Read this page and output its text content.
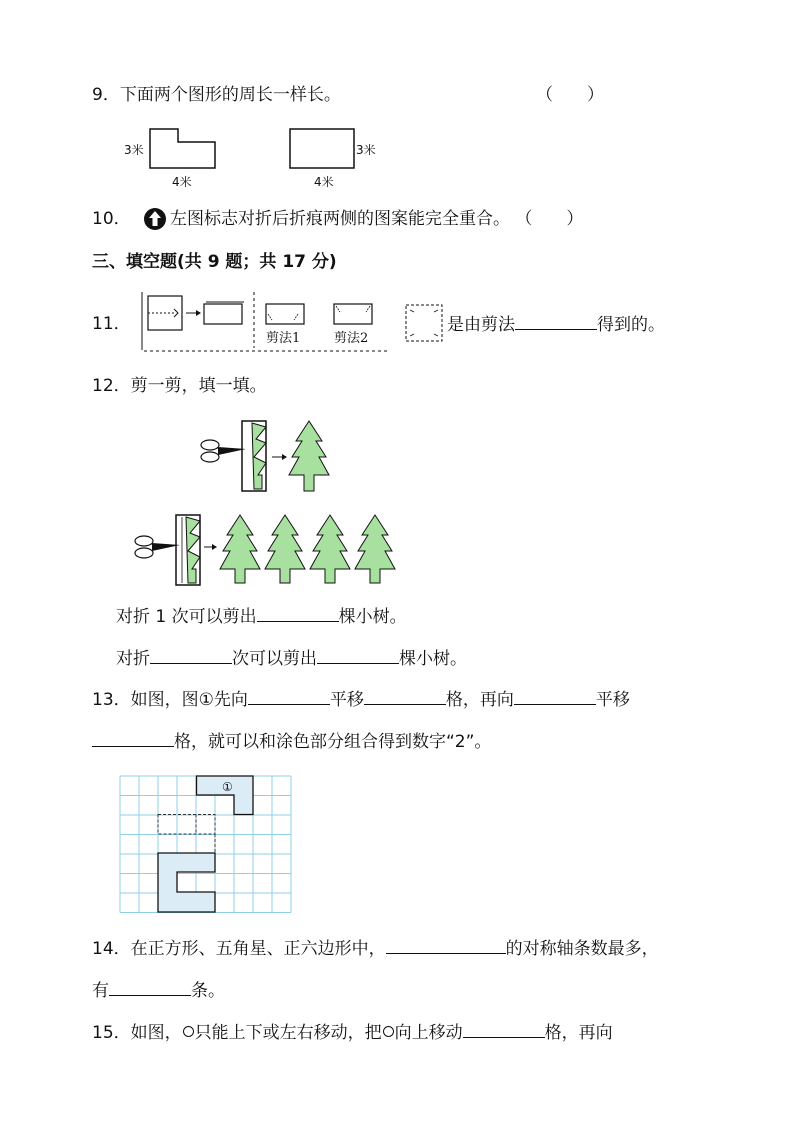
9．下面两个图形的周长一样长。	（　　）
3米
4米
3米
4米
10． 左图标志对折后折痕两侧的图案能完全重合。 （　　）
三、填空题(共 9 题；共 17 分)
11．
剪法1	剪法2
是由剪法	得到的。
12．剪一剪，填一填。
对折 1 次可以剪出	棵小树。
对折	次可以剪出	棵小树。
13．如图，图①先向	平移	格，再向	平移
格，就可以和涂色部分组合得到数字“2”。
①
14．在正方形、五角星、正六边形中，	的对称轴条数最多，
有	条。
15．如图， 只能上下或左右移动，把 向上移动	格，再向
